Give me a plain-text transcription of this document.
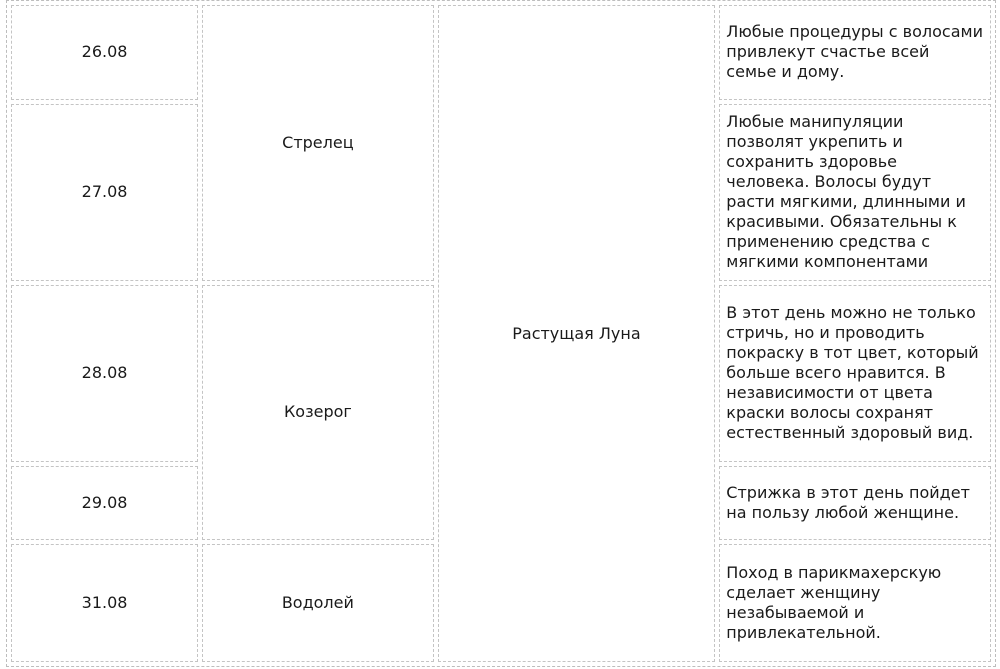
26.08	Стрелец	Растущая Луна	Любые процедуры с волосами привлекут счастье всей семье и дому.
27.08			Любые манипуляции позволят укрепить и сохранить здоровье человека. Волосы будут расти мягкими, длинными и красивыми. Обязательны к применению средства с мягкими компонентами
28.08	Козерог		В этот день можно не только стричь, но и проводить покраску в тот цвет, который больше всего нравится. В независимости от цвета краски волосы сохранят естественный здоровый вид.
29.08			Стрижка в этот день пойдет на пользу любой женщине.
31.08	Водолей		Поход в парикмахерскую сделает женщину незабываемой и привлекательной.
